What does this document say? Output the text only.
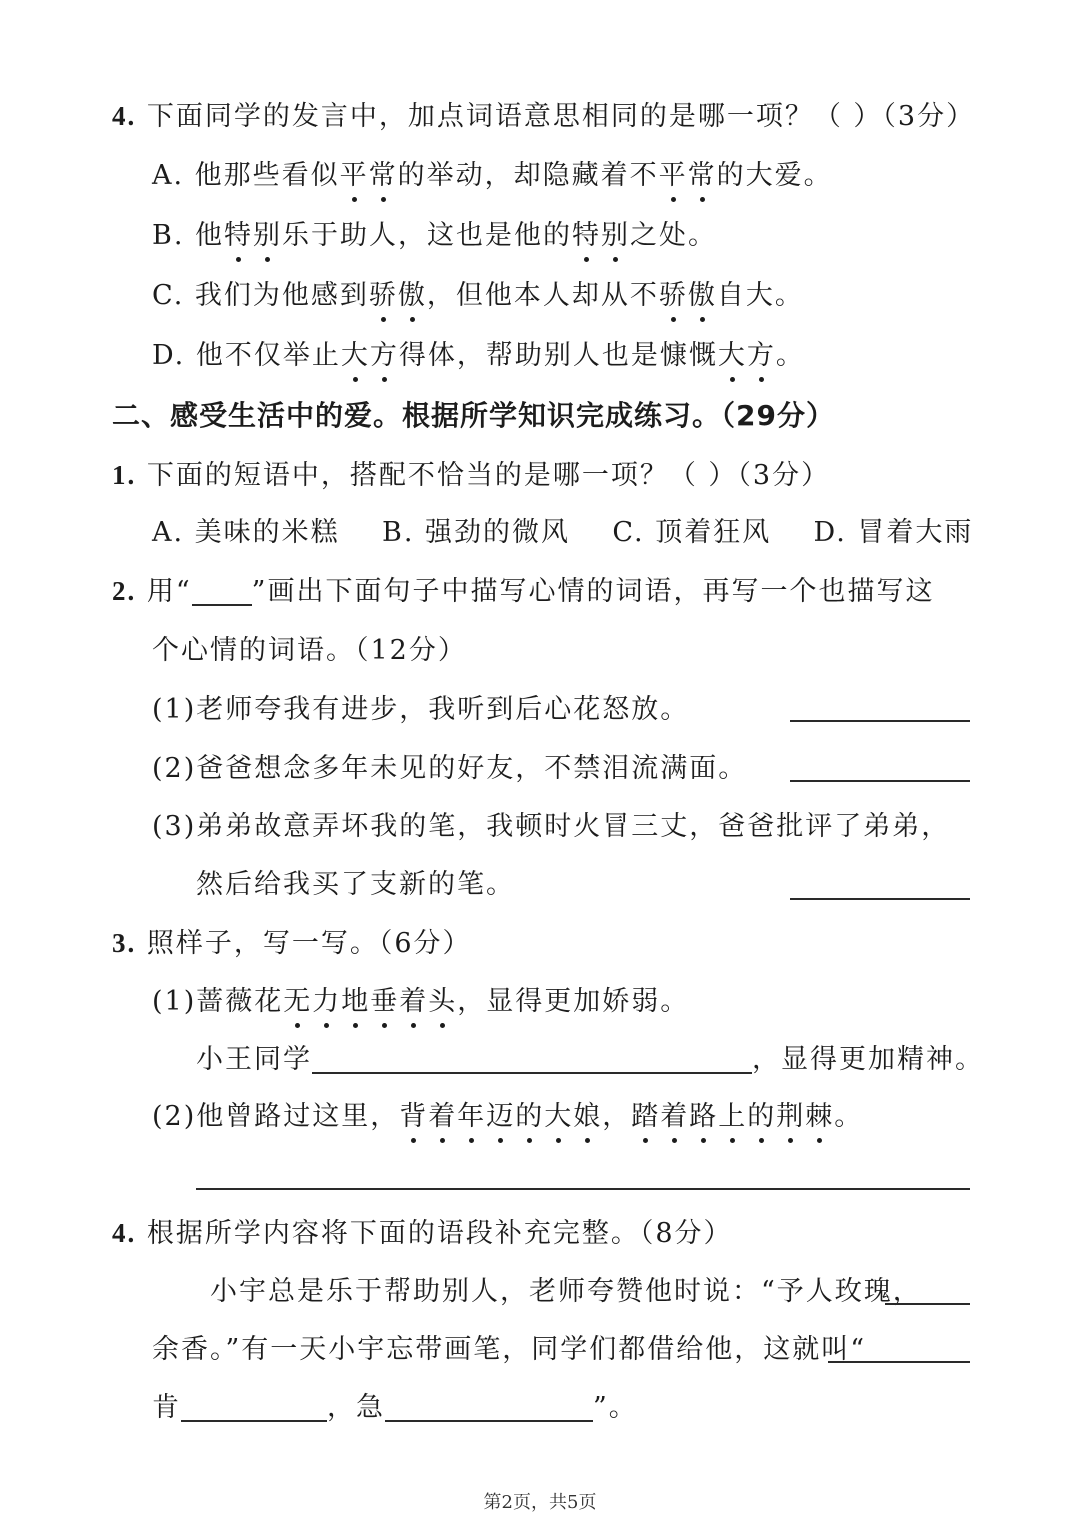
4. 下面同学的发言中，加点词语意思相同的是哪一项？（ ）（3分）
A. 他那些看似平常的举动，却隐藏着不平常的大爱。
B. 他特别乐于助人，这也是他的特别之处。
C. 我们为他感到骄傲，但他本人却从不骄傲自大。
D. 他不仅举止大方得体，帮助别人也是慷慨大方。
二、感受生活中的爱。根据所学知识完成练习。（29分）
1. 下面的短语中，搭配不恰当的是哪一项？（ ）（3分）
A. 美味的米糕    B. 强劲的微风    C. 顶着狂风    D. 冒着大雨
2. 用“ ”画出下面句子中描写心情的词语，再写一个也描写这
个心情的词语。（12分）
(1)老师夸我有进步，我听到后心花怒放。
(2)爸爸想念多年未见的好友，不禁泪流满面。
(3)弟弟故意弄坏我的笔，我顿时火冒三丈，爸爸批评了弟弟，
然后给我买了支新的笔。
3. 照样子，写一写。（6分）
(1)蔷薇花无力地垂着头，显得更加娇弱。
小王同学	，显得更加精神。
(2)他曾路过这里，背着年迈的大娘，踏着路上的荆棘。
4. 根据所学内容将下面的语段补充完整。（8分）
小宇总是乐于帮助别人，老师夸赞他时说：“予人玫瑰，
余香。”有一天小宇忘带画笔，同学们都借给他，这就叫“
肯	，急	”。
第2页，共5页
